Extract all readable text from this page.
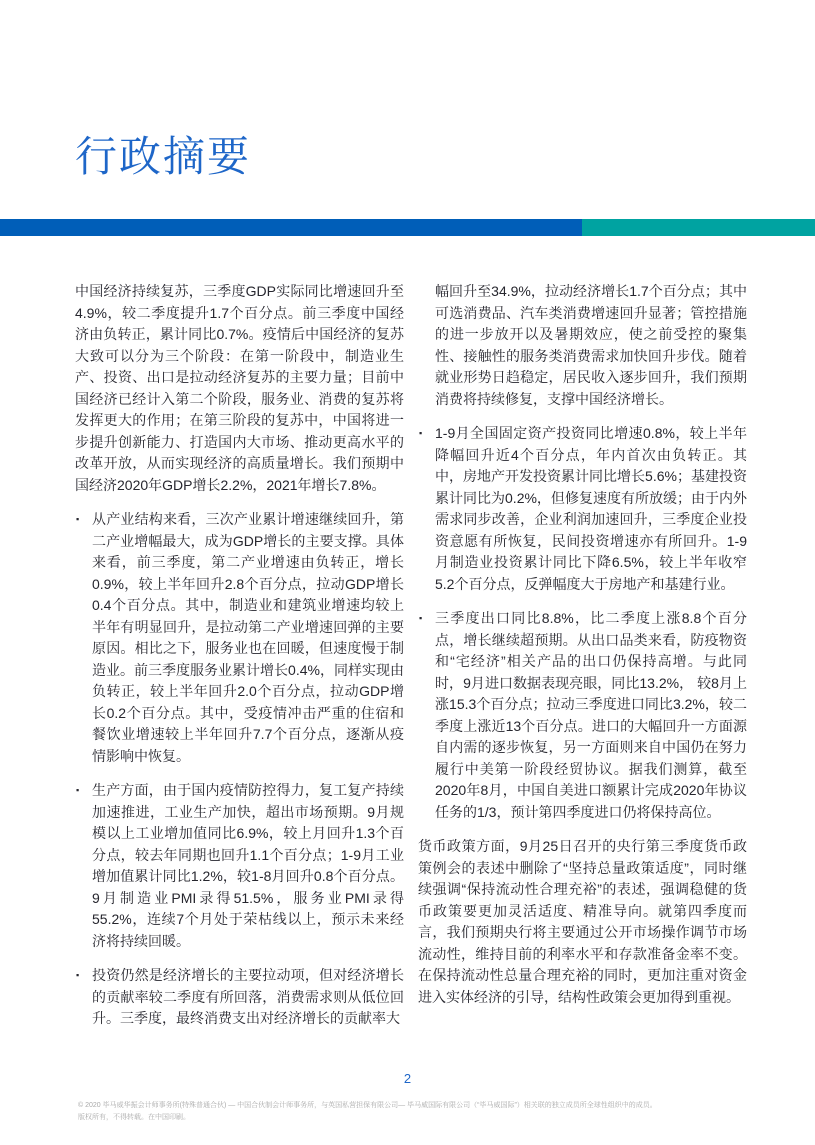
行政摘要

中国经济持续复苏，三季度GDP实际同比增速回升至4.9%，较二季度提升1.7个百分点。前三季度中国经济由负转正，累计同比0.7%。疫情后中国经济的复苏大致可以分为三个阶段：在第一阶段中，制造业生产、投资、出口是拉动经济复苏的主要力量；目前中国经济已经计入第二个阶段，服务业、消费的复苏将发挥更大的作用；在第三阶段的复苏中，中国将进一步提升创新能力、打造国内大市场、推动更高水平的改革开放，从而实现经济的高质量增长。我们预期中国经济2020年GDP增长2.2%，2021年增长7.8%。

▪ 从产业结构来看，三次产业累计增速继续回升，第二产业增幅最大，成为GDP增长的主要支撑。具体来看，前三季度，第二产业增速由负转正，增长0.9%，较上半年回升2.8个百分点，拉动GDP增长0.4个百分点。其中，制造业和建筑业增速均较上半年有明显回升，是拉动第二产业增速回弹的主要原因。相比之下，服务业也在回暖，但速度慢于制造业。前三季度服务业累计增长0.4%，同样实现由负转正，较上半年回升2.0个百分点，拉动GDP增长0.2个百分点。其中，受疫情冲击严重的住宿和餐饮业增速较上半年回升7.7个百分点，逐渐从疫情影响中恢复。

▪ 生产方面，由于国内疫情防控得力，复工复产持续加速推进，工业生产加快，超出市场预期。9月规模以上工业增加值同比6.9%，较上月回升1.3个百分点，较去年同期也回升1.1个百分点；1-9月工业增加值累计同比1.2%，较1-8月回升0.8个百分点。9月制造业PMI录得51.5%，服务业PMI录得55.2%，连续7个月处于荣枯线以上，预示未来经济将持续回暖。

▪ 投资仍然是经济增长的主要拉动项，但对经济增长的贡献率较二季度有所回落，消费需求则从低位回升。三季度，最终消费支出对经济增长的贡献率大

幅回升至34.9%，拉动经济增长1.7个百分点；其中可选消费品、汽车类消费增速回升显著；管控措施的进一步放开以及暑期效应，使之前受控的聚集性、接触性的服务类消费需求加快回升步伐。随着就业形势日趋稳定，居民收入逐步回升，我们预期消费将持续修复，支撑中国经济增长。

▪ 1-9月全国固定资产投资同比增速0.8%，较上半年降幅回升近4个百分点，年内首次由负转正。其中，房地产开发投资累计同比增长5.6%；基建投资累计同比为0.2%，但修复速度有所放缓；由于内外需求同步改善，企业利润加速回升，三季度企业投资意愿有所恢复，民间投资增速亦有所回升。1-9月制造业投资累计同比下降6.5%，较上半年收窄5.2个百分点，反弹幅度大于房地产和基建行业。

▪ 三季度出口同比8.8%，比二季度上涨8.8个百分点，增长继续超预期。从出口品类来看，防疫物资和“宅经济”相关产品的出口仍保持高增。与此同时，9月进口数据表现亮眼，同比13.2%， 较8月上涨15.3个百分点；拉动三季度进口同比3.2%，较二季度上涨近13个百分点。进口的大幅回升一方面源自内需的逐步恢复，另一方面则来自中国仍在努力履行中美第一阶段经贸协议。据我们测算，截至2020年8月，中国自美进口额累计完成2020年协议任务的1/3，预计第四季度进口仍将保持高位。

货币政策方面，9月25日召开的央行第三季度货币政策例会的表述中删除了“坚持总量政策适度”，同时继续强调“保持流动性合理充裕”的表述，强调稳健的货币政策要更加灵活适度、精准导向。就第四季度而言，我们预期央行将主要通过公开市场操作调节市场流动性，维持目前的利率水平和存款准备金率不变。在保持流动性总量合理充裕的同时，更加注重对资金进入实体经济的引导，结构性政策会更加得到重视。

2

© 2020 毕马威华振会计师事务所(特殊普通合伙) — 中国合伙制会计师事务所，与英国私营担保有限公司— 毕马威国际有限公司（“毕马威国际”）相关联的独立成员所全球性组织中的成员。

版权所有，不得转载。在中国印刷。
